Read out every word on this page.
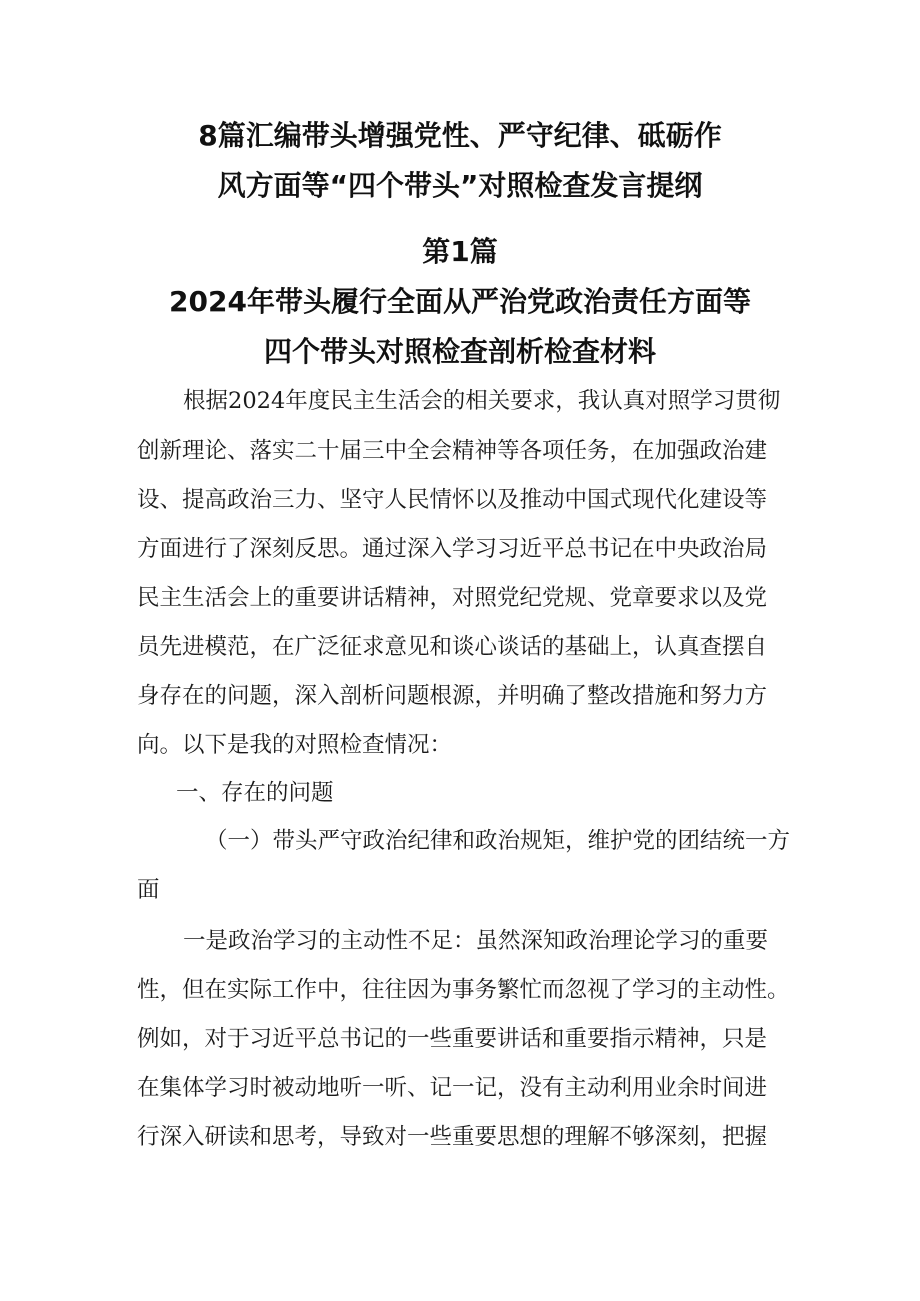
8篇汇编带头增强党性、严守纪律、砥砺作
风方面等“四个带头”对照检查发言提纲
第1篇
2024年带头履行全面从严治党政治责任方面等
四个带头对照检查剖析检查材料
根据2024年度民主生活会的相关要求，我认真对照学习贯彻
创新理论、落实二十届三中全会精神等各项任务，在加强政治建
设、提高政治三力、坚守人民情怀以及推动中国式现代化建设等
方面进行了深刻反思。通过深入学习习近平总书记在中央政治局
民主生活会上的重要讲话精神，对照党纪党规、党章要求以及党
员先进模范，在广泛征求意见和谈心谈话的基础上，认真查摆自
身存在的问题，深入剖析问题根源，并明确了整改措施和努力方
向。以下是我的对照检查情况：
一、存在的问题
（一）带头严守政治纪律和政治规矩，维护党的团结统一方
面
一是政治学习的主动性不足：虽然深知政治理论学习的重要
性，但在实际工作中，往往因为事务繁忙而忽视了学习的主动性。
例如，对于习近平总书记的一些重要讲话和重要指示精神，只是
在集体学习时被动地听一听、记一记，没有主动利用业余时间进
行深入研读和思考，导致对一些重要思想的理解不够深刻，把握
